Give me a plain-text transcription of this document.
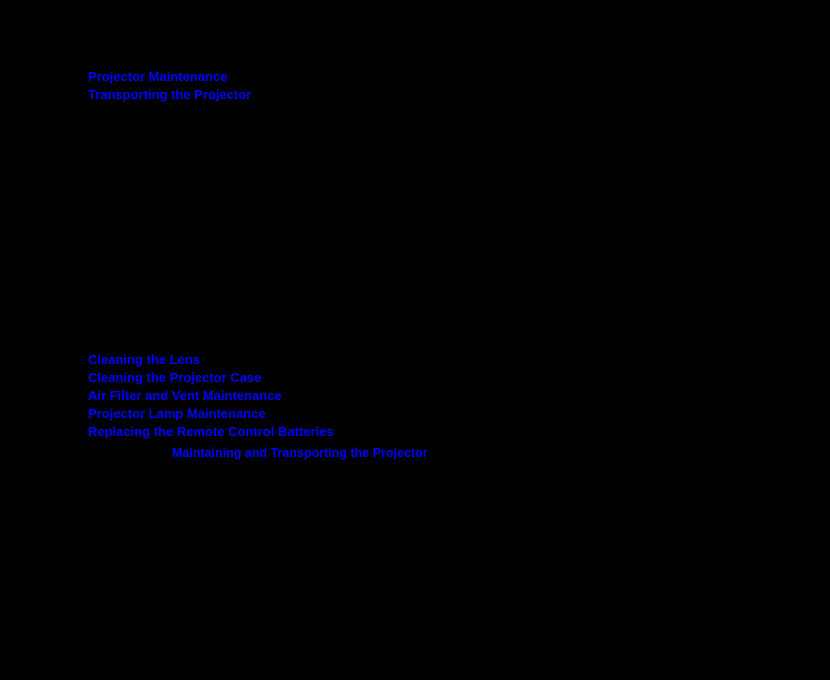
Projector Maintenance
Transporting the Projector
Cleaning the Lens
Cleaning the Projector Case
Air Filter and Vent Maintenance
Projector Lamp Maintenance
Replacing the Remote Control Batteries
Maintaining and Transporting the Projector
